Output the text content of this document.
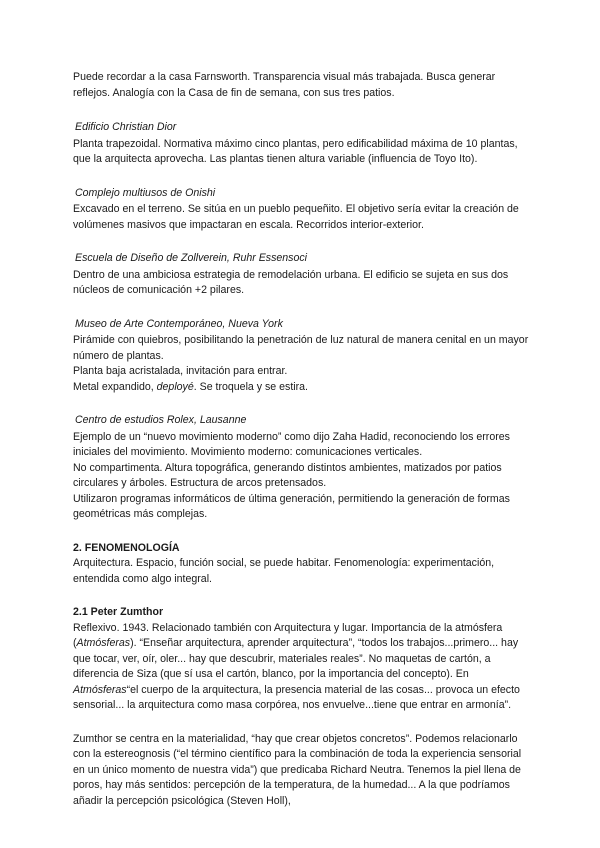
Puede recordar a la casa Farnsworth. Transparencia visual más trabajada. Busca generar reflejos. Analogía con la Casa de fin de semana, con sus tres patios.

Edificio Christian Dior

Planta trapezoidal. Normativa máximo cinco plantas, pero edificabilidad máxima de 10 plantas, que la arquitecta aprovecha. Las plantas tienen altura variable (influencia de Toyo Ito).

Complejo multiusos de Onishi

Excavado en el terreno. Se sitúa en un pueblo pequeñito. El objetivo sería evitar la creación de volúmenes masivos que impactaran en escala. Recorridos interior-exterior.

Escuela de Diseño de Zollverein, Ruhr Essensoci

Dentro de una ambiciosa estrategia de remodelación urbana. El edificio se sujeta en sus dos núcleos de comunicación +2 pilares.

Museo de Arte Contemporáneo, Nueva York

Pirámide con quiebros, posibilitando la penetración de luz natural de manera cenital en un mayor número de plantas.

Planta baja acristalada, invitación para entrar.

Metal expandido, deployé. Se troquela y se estira.

Centro de estudios Rolex, Lausanne

Ejemplo de un “nuevo movimiento moderno” como dijo Zaha Hadid, reconociendo los errores iniciales del movimiento. Movimiento moderno: comunicaciones verticales.

No compartimenta. Altura topográfica, generando distintos ambientes, matizados por patios circulares y árboles. Estructura de arcos pretensados.

Utilizaron programas informáticos de última generación, permitiendo la generación de formas geométricas más complejas.

2. FENOMENOLOGÍA

Arquitectura. Espacio, función social, se puede habitar. Fenomenología: experimentación, entendida como algo integral.

2.1 Peter Zumthor

Reflexivo. 1943. Relacionado también con Arquitectura y lugar. Importancia de la atmósfera (Atmósferas). “Enseñar arquitectura, aprender arquitectura”, “todos los trabajos...primero... hay que tocar, ver, oír, oler... hay que descubrir, materiales reales”. No maquetas de cartón, a diferencia de Siza (que sí usa el cartón, blanco, por la importancia del concepto). En Atmósferas“el cuerpo de la arquitectura, la presencia material de las cosas... provoca un efecto sensorial... la arquitectura como masa corpórea, nos envuelve...tiene que entrar en armonía”.

Zumthor se centra en la materialidad, “hay que crear objetos concretos”. Podemos relacionarlo con la estereognosis (“el término científico para la combinación de toda la experiencia sensorial en un único momento de nuestra vida”) que predicaba Richard Neutra. Tenemos la piel llena de poros, hay más sentidos: percepción de la temperatura, de la humedad... A la que podríamos añadir la percepción psicológica (Steven Holl),
